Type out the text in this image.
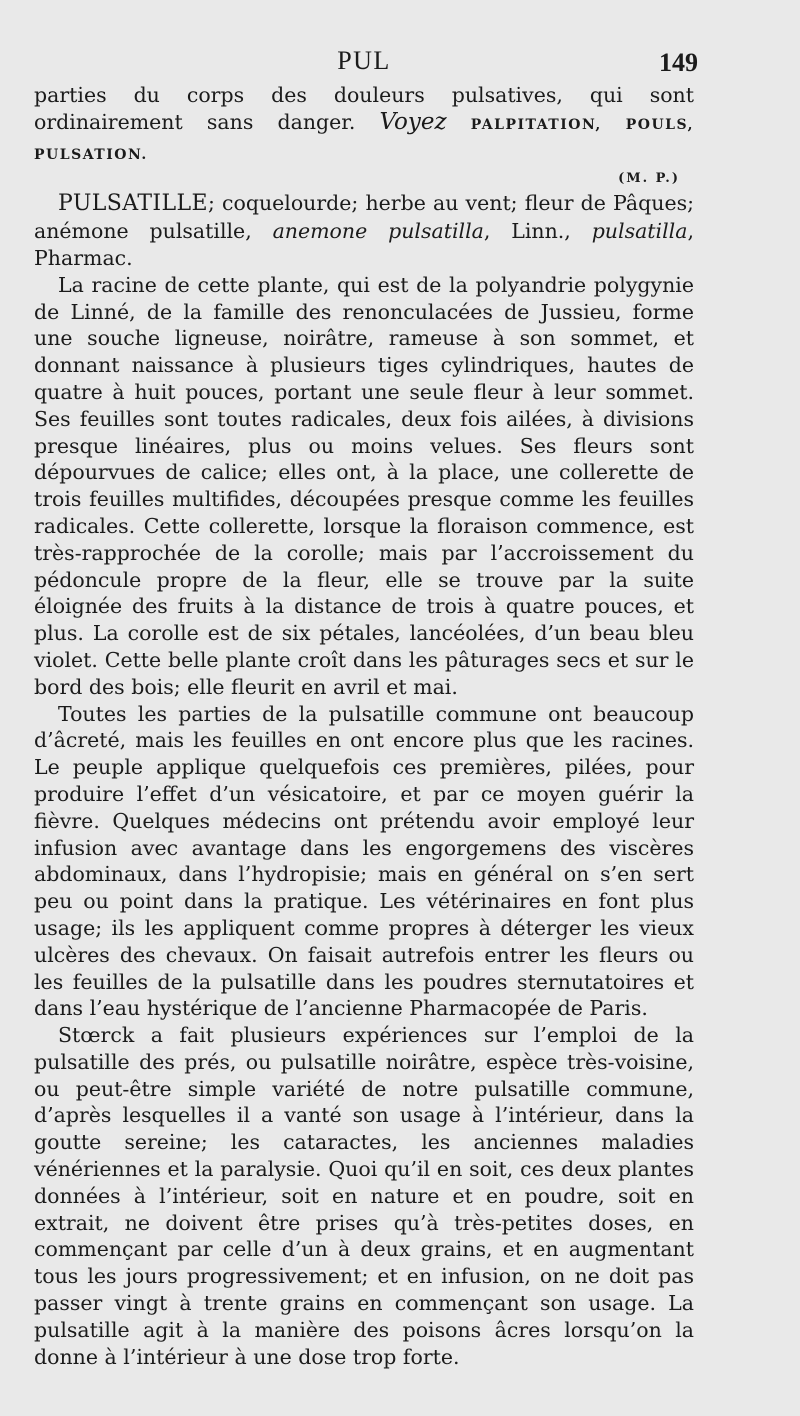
PUL	149

parties du corps des douleurs pulsatives, qui sont ordinairement sans danger. Voyez PALPITATION, POULS, PULSATION.

(M. P.)

PULSATILLE; coquelourde; herbe au vent; fleur de Pâques; anémone pulsatille, anemone pulsatilla, Linn., pulsatilla, Pharmac.

La racine de cette plante, qui est de la polyandrie polygynie de Linné, de la famille des renonculacées de Jussieu, forme une souche ligneuse, noirâtre, rameuse à son sommet, et donnant naissance à plusieurs tiges cylindriques, hautes de quatre à huit pouces, portant une seule fleur à leur sommet. Ses feuilles sont toutes radicales, deux fois ailées, à divisions presque linéaires, plus ou moins velues. Ses fleurs sont dépourvues de calice; elles ont, à la place, une collerette de trois feuilles multifides, découpées presque comme les feuilles radicales. Cette collerette, lorsque la floraison commence, est très-rapprochée de la corolle; mais par l’accroissement du pédoncule propre de la fleur, elle se trouve par la suite éloignée des fruits à la distance de trois à quatre pouces, et plus. La corolle est de six pétales, lancéolées, d’un beau bleu violet. Cette belle plante croît dans les pâturages secs et sur le bord des bois; elle fleurit en avril et mai.

Toutes les parties de la pulsatille commune ont beaucoup d’âcreté, mais les feuilles en ont encore plus que les racines. Le peuple applique quelquefois ces premières, pilées, pour produire l’effet d’un vésicatoire, et par ce moyen guérir la fièvre. Quelques médecins ont prétendu avoir employé leur infusion avec avantage dans les engorgemens des viscères abdominaux, dans l’hydropisie; mais en général on s’en sert peu ou point dans la pratique. Les vétérinaires en font plus usage; ils les appliquent comme propres à déterger les vieux ulcères des chevaux. On faisait autrefois entrer les fleurs ou les feuilles de la pulsatille dans les poudres sternutatoires et dans l’eau hystérique de l’ancienne Pharmacopée de Paris.

Stœrck a fait plusieurs expériences sur l’emploi de la pulsatille des prés, ou pulsatille noirâtre, espèce très-voisine, ou peut-être simple variété de notre pulsatille commune, d’après lesquelles il a vanté son usage à l’intérieur, dans la goutte sereine; les cataractes, les anciennes maladies vénériennes et la paralysie. Quoi qu’il en soit, ces deux plantes données à l’intérieur, soit en nature et en poudre, soit en extrait, ne doivent être prises qu’à très-petites doses, en commençant par celle d’un à deux grains, et en augmentant tous les jours progressivement; et en infusion, on ne doit pas passer vingt à trente grains en commençant son usage. La pulsatille agit à la manière des poisons âcres lorsqu’on la donne à l’intérieur à une dose trop forte.
